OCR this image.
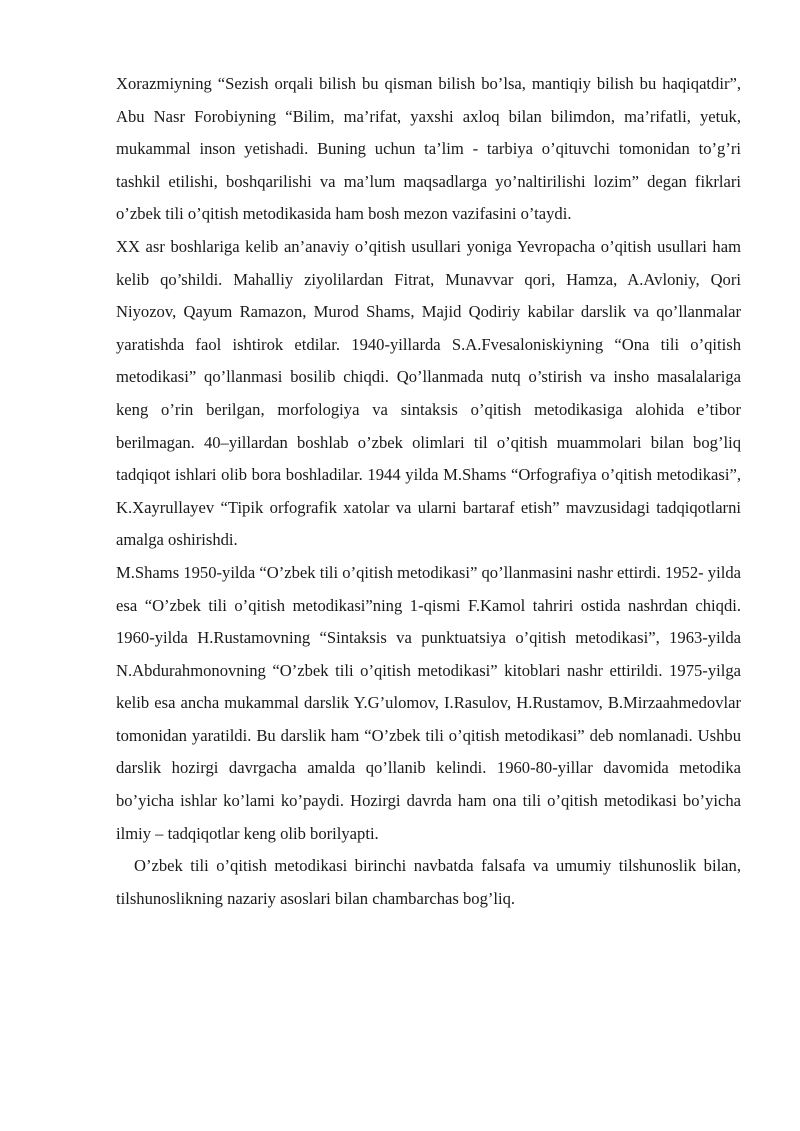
Xorazmiyning “Sezish orqali bilish bu qisman bilish bo’lsa, mantiqiy bilish bu haqiqatdir”, Abu Nasr Forobiyning “Bilim, ma’rifat, yaxshi axloq bilan bilimdon, ma’rifatli, yetuk, mukammal inson yetishadi. Buning uchun ta’lim - tarbiya o’qituvchi tomonidan to’g’ri tashkil etilishi, boshqarilishi va ma’lum maqsadlarga yo’naltirilishi lozim” degan fikrlari o’zbek tili o’qitish metodikasida ham bosh mezon vazifasini o’taydi.

XX asr boshlariga kelib an’anaviy o’qitish usullari yoniga Yevropacha o’qitish usullari ham kelib qo’shildi. Mahalliy ziyolilardan Fitrat, Munavvar qori, Hamza, A.Avloniy, Qori Niyozov, Qayum Ramazon, Murod Shams, Majid Qodiriy kabilar darslik va qo’llanmalar yaratishda faol ishtirok etdilar. 1940-yillarda S.A.Fvesaloniskiyning “Ona tili o’qitish metodikasi” qo’llanmasi bosilib chiqdi. Qo’llanmada nutq o’stirish va insho masalalariga keng o’rin berilgan, morfologiya va sintaksis o’qitish metodikasiga alohida e’tibor berilmagan. 40–yillardan boshlab o’zbek olimlari til o’qitish muammolari bilan bog’liq tadqiqot ishlari olib bora boshladilar. 1944 yilda M.Shams “Orfografiya o’qitish metodikasi”, K.Xayrullayev “Tipik orfografik xatolar va ularni bartaraf etish” mavzusidagi tadqiqotlarni amalga oshirishdi.

M.Shams 1950-yilda “O’zbek tili o’qitish metodikasi” qo’llanmasini nashr ettirdi. 1952- yilda esa “O’zbek tili o’qitish metodikasi”ning 1-qismi F.Kamol tahriri ostida nashrdan chiqdi. 1960-yilda H.Rustamovning “Sintaksis va punktuatsiya o’qitish metodikasi”, 1963-yilda N.Abdurahmonovning “O’zbek tili o’qitish metodikasi” kitoblari nashr ettirildi. 1975-yilga kelib esa ancha mukammal darslik Y.G’ulomov, I.Rasulov, H.Rustamov, B.Mirzaahmedovlar tomonidan yaratildi. Bu darslik ham “O’zbek tili o’qitish metodikasi” deb nomlanadi. Ushbu darslik hozirgi davrgacha amalda qo’llanib kelindi. 1960-80-yillar davomida metodika bo’yicha ishlar ko’lami ko’paydi. Hozirgi davrda ham ona tili o’qitish metodikasi bo’yicha ilmiy – tadqiqotlar keng olib borilyapti.

O’zbek tili o’qitish metodikasi birinchi navbatda falsafa va umumiy tilshunoslik bilan, tilshunoslikning nazariy asoslari bilan chambarchas bog’liq.
